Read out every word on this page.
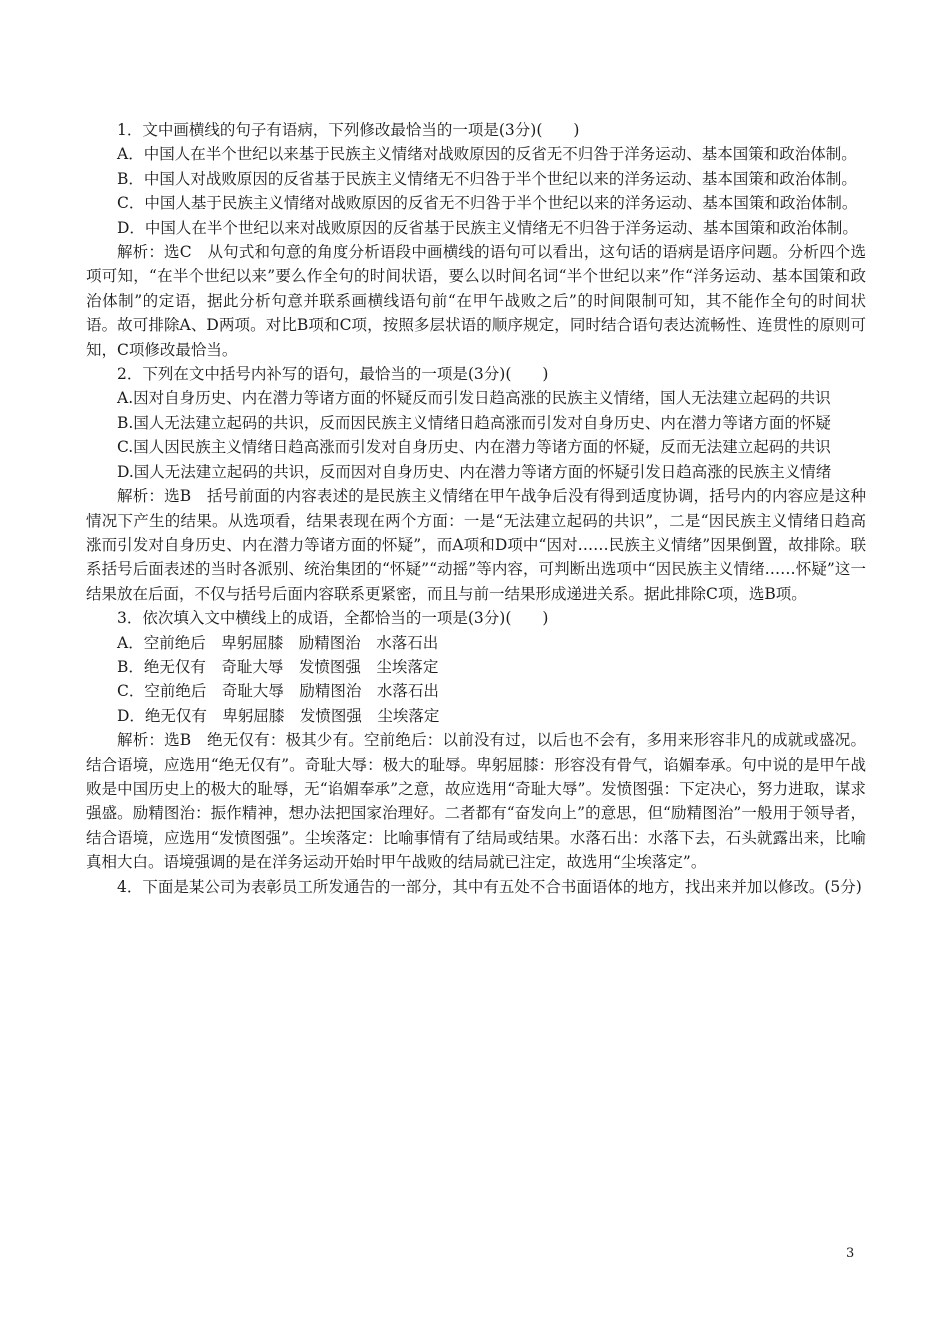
1．文中画横线的句子有语病，下列修改最恰当的一项是(3分)(　　)

A．中国人在半个世纪以来基于民族主义情绪对战败原因的反省无不归咎于洋务运动、基本国策和政治体制。

B．中国人对战败原因的反省基于民族主义情绪无不归咎于半个世纪以来的洋务运动、基本国策和政治体制。

C．中国人基于民族主义情绪对战败原因的反省无不归咎于半个世纪以来的洋务运动、基本国策和政治体制。

D．中国人在半个世纪以来对战败原因的反省基于民族主义情绪无不归咎于洋务运动、基本国策和政治体制。

解析：选C　从句式和句意的角度分析语段中画横线的语句可以看出，这句话的语病是语序问题。分析四个选项可知，“在半个世纪以来”要么作全句的时间状语，要么以时间名词“半个世纪以来”作“洋务运动、基本国策和政治体制”的定语，据此分析句意并联系画横线语句前“在甲午战败之后”的时间限制可知，其不能作全句的时间状语。故可排除A、D两项。对比B项和C项，按照多层状语的顺序规定，同时结合语句表达流畅性、连贯性的原则可知，C项修改最恰当。

2．下列在文中括号内补写的语句，最恰当的一项是(3分)(　　)

A.因对自身历史、内在潜力等诸方面的怀疑反而引发日趋高涨的民族主义情绪，国人无法建立起码的共识

B.国人无法建立起码的共识，反而因民族主义情绪日趋高涨而引发对自身历史、内在潜力等诸方面的怀疑

C.国人因民族主义情绪日趋高涨而引发对自身历史、内在潜力等诸方面的怀疑，反而无法建立起码的共识

D.国人无法建立起码的共识，反而因对自身历史、内在潜力等诸方面的怀疑引发日趋高涨的民族主义情绪

解析：选B　括号前面的内容表述的是民族主义情绪在甲午战争后没有得到适度协调，括号内的内容应是这种情况下产生的结果。从选项看，结果表现在两个方面：一是“无法建立起码的共识”，二是“因民族主义情绪日趋高涨而引发对自身历史、内在潜力等诸方面的怀疑”，而A项和D项中“因对……民族主义情绪”因果倒置，故排除。联系括号后面表述的当时各派别、统治集团的“怀疑”“动摇”等内容，可判断出选项中“因民族主义情绪……怀疑”这一结果放在后面，不仅与括号后面内容联系更紧密，而且与前一结果形成递进关系。据此排除C项，选B项。

3．依次填入文中横线上的成语，全都恰当的一项是(3分)(　　)

A．空前绝后　卑躬屈膝　励精图治　水落石出

B．绝无仅有　奇耻大辱　发愤图强　尘埃落定

C．空前绝后　奇耻大辱　励精图治　水落石出

D．绝无仅有　卑躬屈膝　发愤图强　尘埃落定

解析：选B　绝无仅有：极其少有。空前绝后：以前没有过，以后也不会有，多用来形容非凡的成就或盛况。结合语境，应选用“绝无仅有”。奇耻大辱：极大的耻辱。卑躬屈膝：形容没有骨气，谄媚奉承。句中说的是甲午战败是中国历史上的极大的耻辱，无“谄媚奉承”之意，故应选用“奇耻大辱”。发愤图强：下定决心，努力进取，谋求强盛。励精图治：振作精神，想办法把国家治理好。二者都有“奋发向上”的意思，但“励精图治”一般用于领导者，结合语境，应选用“发愤图强”。尘埃落定：比喻事情有了结局或结果。水落石出：水落下去，石头就露出来，比喻真相大白。语境强调的是在洋务运动开始时甲午战败的结局就已注定，故选用“尘埃落定”。

4．下面是某公司为表彰员工所发通告的一部分，其中有五处不合书面语体的地方，找出来并加以修改。(5分)

3
